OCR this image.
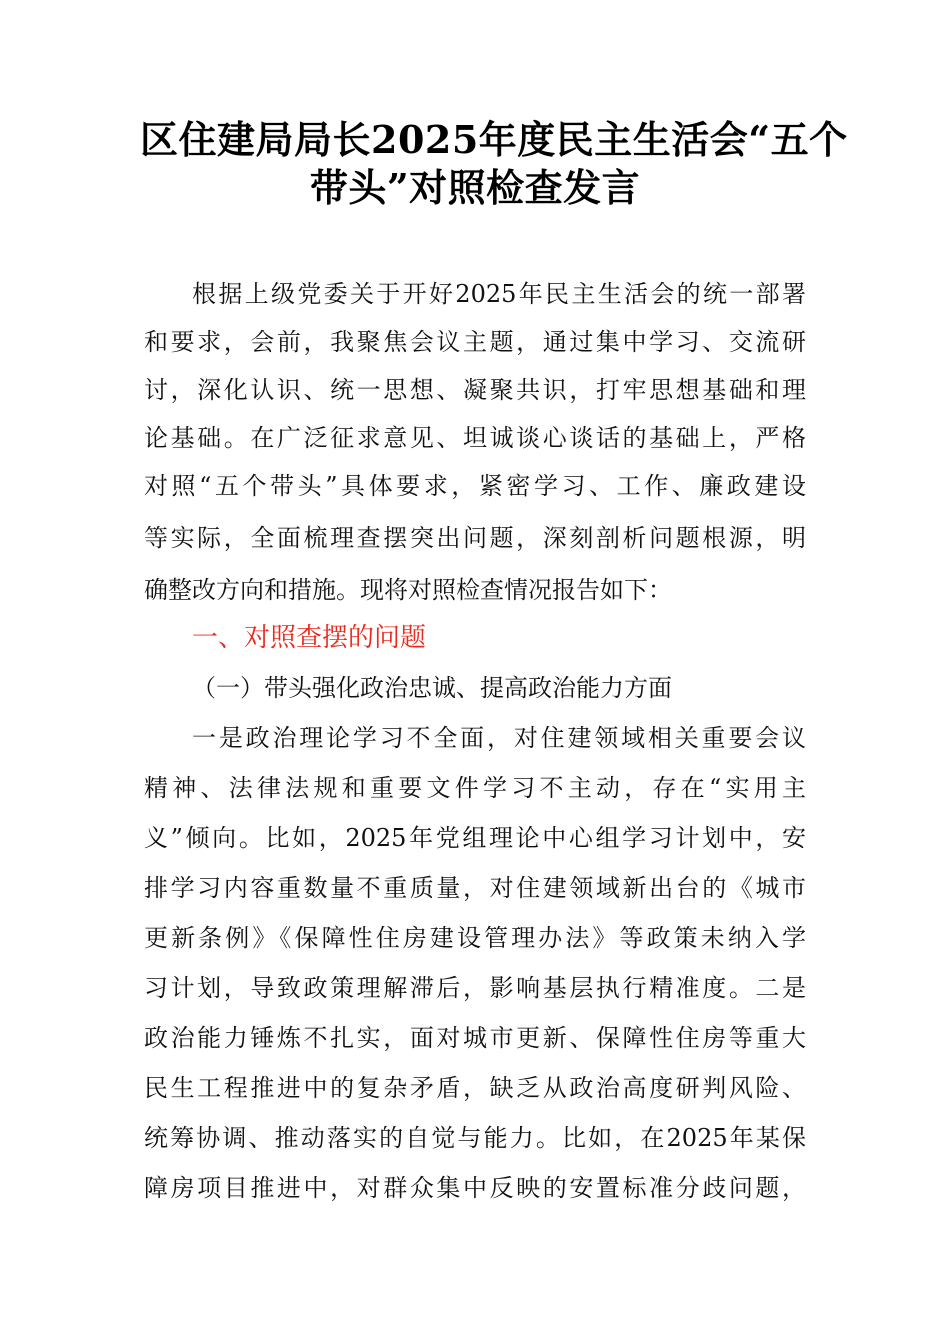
区住建局局长2025年度民主生活会“五个
带头”对照检查发言
根据上级党委关于开好2025年民主生活会的统一部署
和要求，会前，我聚焦会议主题，通过集中学习、交流研
讨，深化认识、统一思想、凝聚共识，打牢思想基础和理
论基础。在广泛征求意见、坦诚谈心谈话的基础上，严格
对照“五个带头”具体要求，紧密学习、工作、廉政建设
等实际，全面梳理查摆突出问题，深刻剖析问题根源，明
确整改方向和措施。现将对照检查情况报告如下：
一、对照查摆的问题
（一）带头强化政治忠诚、提高政治能力方面
一是政治理论学习不全面，对住建领域相关重要会议
精神、法律法规和重要文件学习不主动，存在“实用主
义”倾向。比如，2025年党组理论中心组学习计划中，安
排学习内容重数量不重质量，对住建领域新出台的《城市
更新条例》《保障性住房建设管理办法》等政策未纳入学
习计划，导致政策理解滞后，影响基层执行精准度。二是
政治能力锤炼不扎实，面对城市更新、保障性住房等重大
民生工程推进中的复杂矛盾，缺乏从政治高度研判风险、
统筹协调、推动落实的自觉与能力。比如，在2025年某保
障房项目推进中，对群众集中反映的安置标准分歧问题，
